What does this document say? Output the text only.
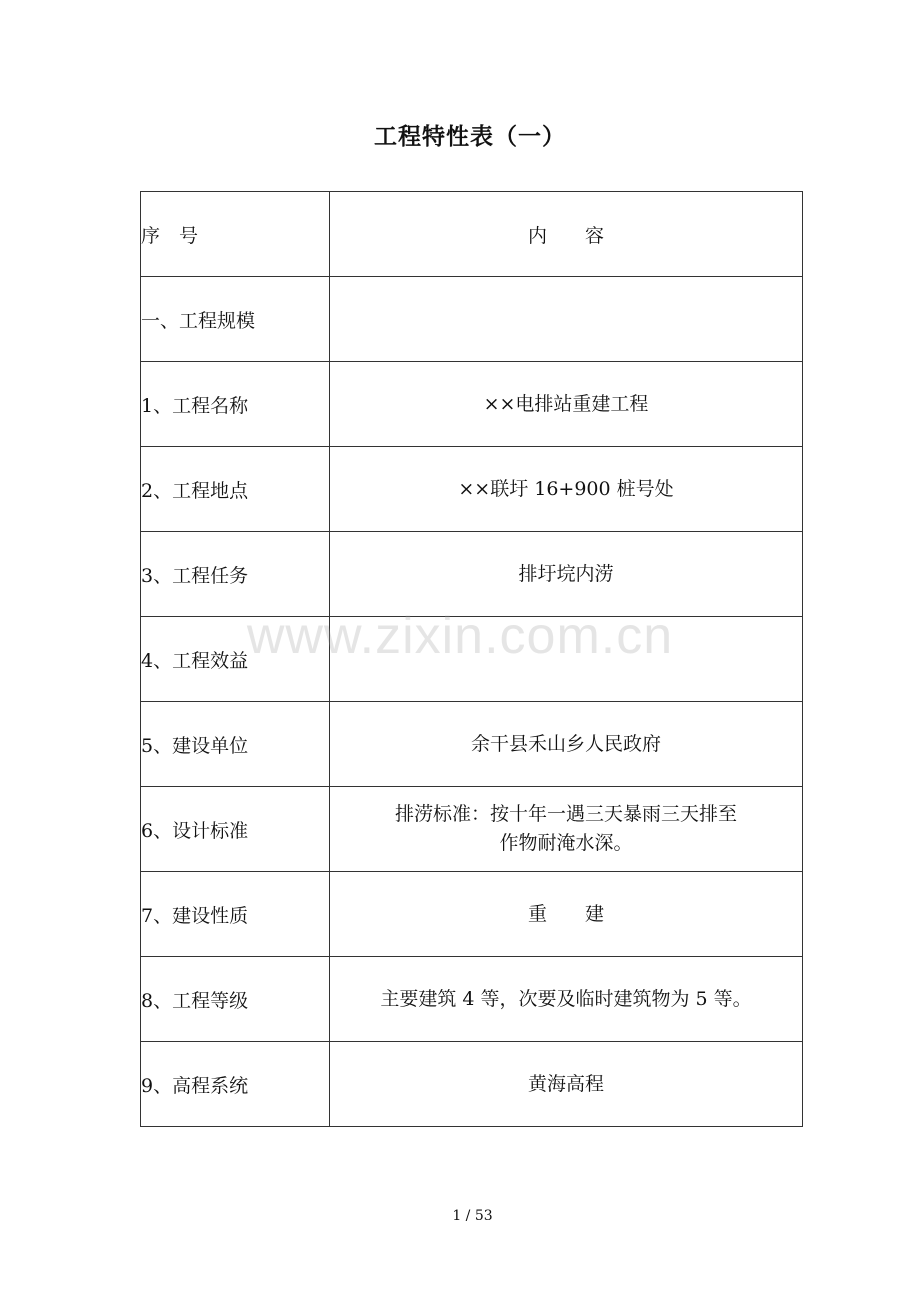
工程特性表（一）
序　号	内　　容
一、工程规模	
1、工程名称	××电排站重建工程
2、工程地点	××联圩 16+900 桩号处
3、工程任务	排圩垸内涝
4、工程效益	
5、建设单位	余干县禾山乡人民政府
6、设计标准	排涝标准：按十年一遇三天暴雨三天排至
作物耐淹水深。

7、建设性质	重　　建
8、工程等级	主要建筑 4 等，次要及临时建筑物为 5 等。
9、高程系统	黄海高程
www.zixin.com.cn
1 / 53
